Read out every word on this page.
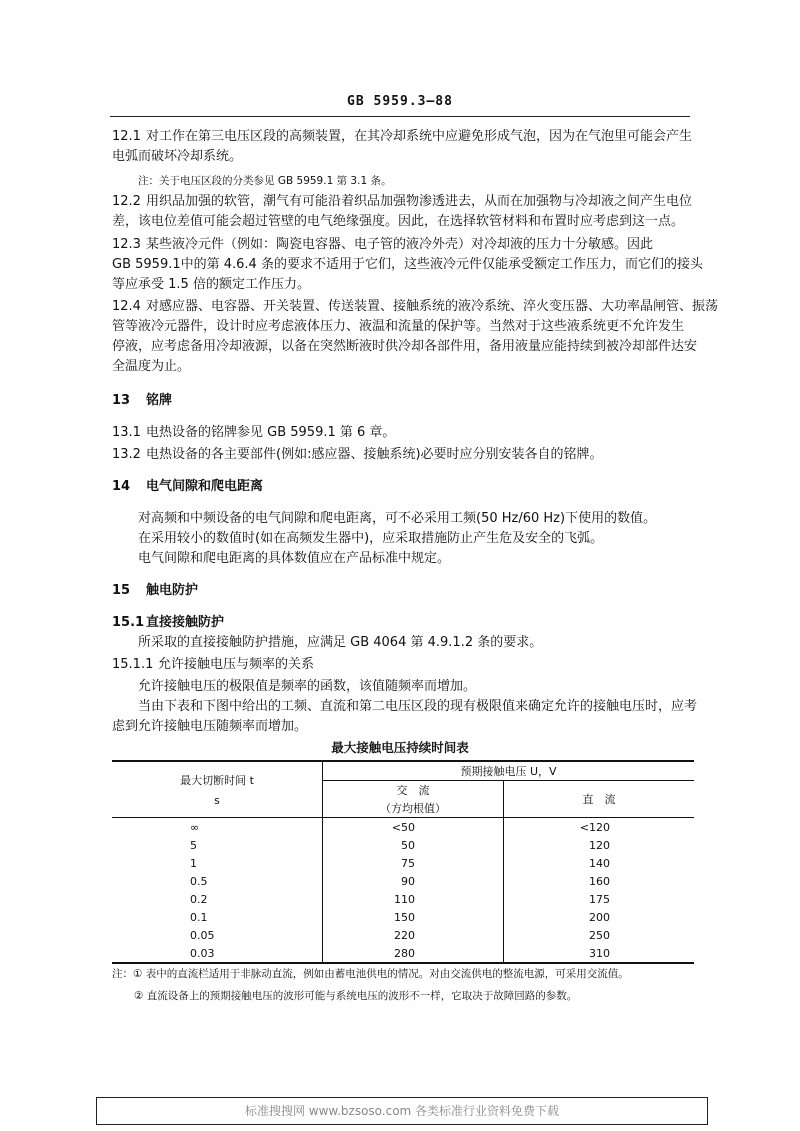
GB 5959.3—88
12.1 对工作在第三电压区段的高频装置，在其冷却系统中应避免形成气泡，因为在气泡里可能会产生
电弧而破坏冷却系统。
注：关于电压区段的分类参见 GB 5959.1 第 3.1 条。
12.2 用织品加强的软管，潮气有可能沿着织品加强物渗透进去，从而在加强物与冷却液之间产生电位
差，该电位差值可能会超过管壁的电气绝缘强度。因此，在选择软管材料和布置时应考虑到这一点。
12.3 某些液冷元件（例如：陶瓷电容器、电子管的液冷外壳）对冷却液的压力十分敏感。因此
GB 5959.1中的第 4.6.4 条的要求不适用于它们，这些液冷元件仅能承受额定工作压力，而它们的接头
等应承受 1.5 倍的额定工作压力。
12.4 对感应器、电容器、开关装置、传送装置、接触系统的液冷系统、淬火变压器、大功率晶闸管、振荡
管等液冷元器件，设计时应考虑液体压力、液温和流量的保护等。当然对于这些液系统更不允许发生
停液，应考虑备用冷却液源，以备在突然断液时供冷却各部件用，备用液量应能持续到被冷却部件达安
全温度为止。
13 铭牌
13.1 电热设备的铭牌参见 GB 5959.1 第 6 章。
13.2 电热设备的各主要部件(例如:感应器、接触系统)必要时应分别安装各自的铭牌。
14 电气间隙和爬电距离
对高频和中频设备的电气间隙和爬电距离，可不必采用工频(50 Hz/60 Hz)下使用的数值。
在采用较小的数值时(如在高频发生器中)，应采取措施防止产生危及安全的飞弧。
电气间隙和爬电距离的具体数值应在产品标准中规定。
15 触电防护
15.1 直接接触防护
所采取的直接接触防护措施，应满足 GB 4064 第 4.9.1.2 条的要求。
15.1.1 允许接触电压与频率的关系
允许接触电压的极限值是频率的函数，该值随频率而增加。
当由下表和下图中给出的工频、直流和第二电压区段的现有极限值来确定允许的接触电压时，应考
虑到允许接触电压随频率而增加。
最大接触电压持续时间表
最大切断时间 t
s	预期接触电压 U，V	
	交　流	直　流
	（方均根值）	
∞	<50	<120
5	50	120
1	75	140
0.5	90	160
0.2	110	175
0.1	150	200
0.05	220	250
0.03	280	310
注：① 表中的直流栏适用于非脉动直流，例如由蓄电池供电的情况。对由交流供电的整流电源，可采用交流值。
② 直流设备上的预期接触电压的波形可能与系统电压的波形不一样，它取决于故障回路的参数。
标准搜搜网 www.bzsoso.com 各类标准行业资料免费下载
